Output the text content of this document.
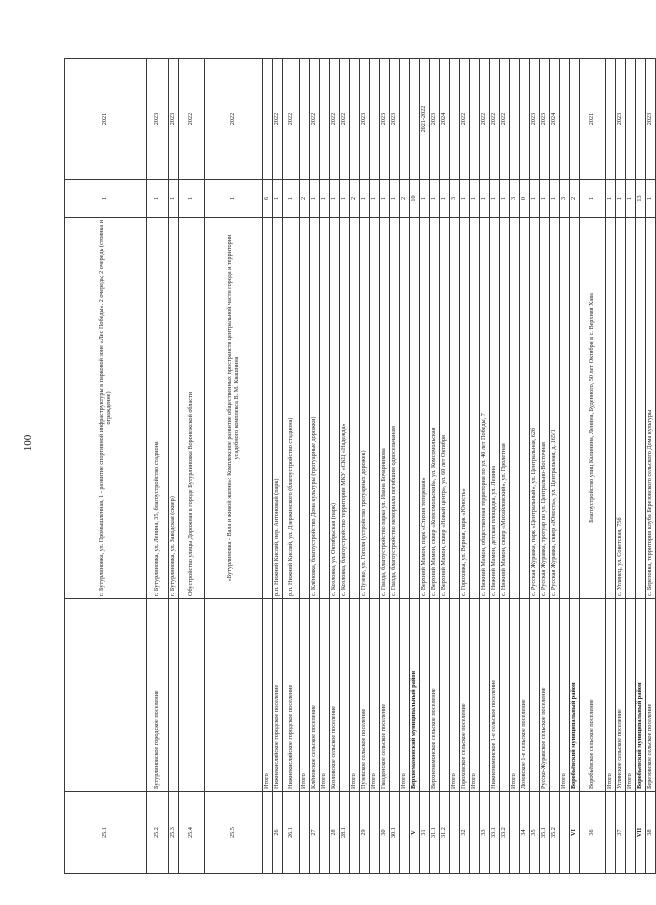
100
25.1		г. Бутурлиновка, ул. Промышленная, 1 - развитие спортивной инфраструктуры в парковой зоне «Лес Победы». 2 очередь; 2 очередь (стоянка и ограждение)	1	2021
25.2	Бутурлиновское городское поселение	г. Бутурлиновка, ул. Ленина, 35, благоустройство стадиона	1	2023
25.3		г. Бутурлиновка, ул. Заводская (сквер)	1	2023
25.4		Обустройство улицы Дорожная в городе Бутурлиновка Воронежской области	1	2022
25.5		«Бутурлиновка - Вала и живой жизни»: Комплексное развитие общественных пространств центральной части города и территории усадебного комплекса В. М. Квашнина	1	2022
	Итого		6	
26	Нижнекисляйское городское поселение	р.п. Нижний Кисляй, пер. Антоновый (парк)	1	2022
26.1	Нижнекисляйское городское поселение	р.п. Нижний Кисляй, ул. Дзержинского (благоустройство стадиона)	1	2022
	Итого		2	
27	Клёновское сельское поселение	с. Клёновка, благоустройство Дома культуры (тротуарные дорожки)	1	2022
	Итого		1	
28	Козловское сельское поселение	с. Козловка, ул. Октябрьская (парк)	1	2022
28.1		с. Козловка, благоустройство территории МКУ «СКЦ «Надежда»	1	2022
	Итого		2	
29	Пузевское сельское поселение	с. Пузево, ул. Гоголя (устройство тротуарных дорожек)	1	2023
	Итого		1	
30	Гвазденское сельское поселение	с. Гвазда, благоустройство парка ул. Ивана Бочарникова	1	2023
30.1		с. Гвазда, благоустройство мемориала погибшим односельчанам	1	2023
	Итого		2	
V	Верхнемамонский муниципальный район		10	
31		с. Верхний Мамон, парк «Стихия теперевая»	1	2021-2022
31.1	Верхнемамонское сельское поселение	с. Верхний Мамон, сквер «Комсомольский», ул. Комсомольская	1	2023
31.2		с. Верхний Мамон, сквер «Новый центр», ул. 60 лет Октября	1	2024
	Итого		3	
32	Гороховское сельское поселение	с. Гороховка, ул. Верная, парк «Юность»	1	2022
	Итого		1	
33		с. Нижний Мамон, общественная территория по ул. 40 лет Победы, 7	1	2022
33.1	Нижнемамонское 1-е сельское поселение	с. Нижний Мамон, детская площадка, ул. Ленина	1	2022
33.2		с. Нижний Мамон, сквер «Михайловский», ул. Пролетная	1	2022
	Итого		3	
34	Лозовское 1-е сельское поселение		0	
35		с. Русская Журавка, парк «Центральный», ул. Центральная, 62б	1	2023
35.1	Русско-Журавское сельское поселение	с. Русская Журавка, тротуар по ул. Центрально-Восточная	1	2023
35.2		с. Русская Журавка, сквер «Юность», ул. Центральная, д. 165/1	1	2024
	Итого		3	
VI	Воробьёвский муниципальный район		2	
36	Воробьёвское сельское поселение	Благоустройство улиц Калинина, Ленина, Буденного, 50 лет Октября в с. Верхняя Хава	1	2021
	Итого		1	
37	Углянское сельское поселение	с. Углянец, ул. Советская, 75б	1	2023
	Итого		1	
VII	Воробьевский муниципальный район		13	
38	Березовское сельское поселение	с. Березовка, территория клуба Березовского сельского Дома культуры	1	2023
